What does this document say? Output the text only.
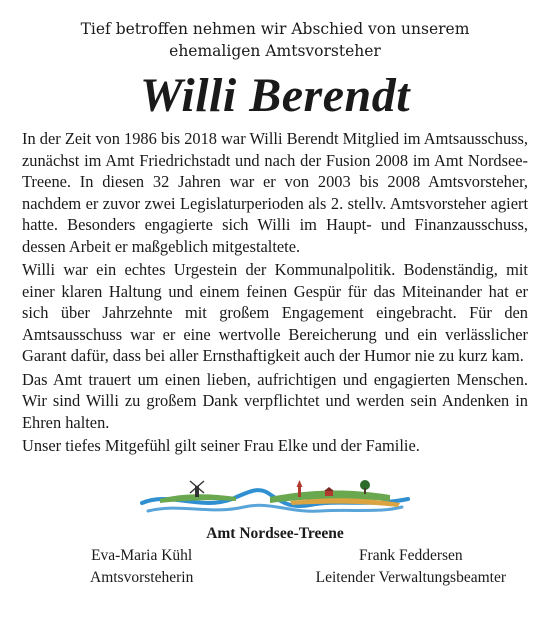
Tief betroffen nehmen wir Abschied von unserem
ehemaligen Amtsvorsteher

Willi Berendt

In der Zeit von 1986 bis 2018 war Willi Berendt Mitglied im Amtsausschuss, zunächst im Amt Friedrichstadt und nach der Fusion 2008 im Amt Nordsee-Treene. In diesen 32 Jahren war er von 2003 bis 2008 Amtsvorsteher, nachdem er zuvor zwei Legislaturperioden als 2. stellv. Amtsvorsteher agiert hatte. Besonders engagierte sich Willi im Haupt- und Finanzausschuss, dessen Arbeit er maßgeblich mitgestaltete.

Willi war ein echtes Urgestein der Kommunalpolitik. Bodenständig, mit einer klaren Haltung und einem feinen Gespür für das Miteinander hat er sich über Jahrzehnte mit großem Engagement eingebracht. Für den Amtsausschuss war er eine wertvolle Bereicherung und ein verlässlicher Garant dafür, dass bei aller Ernsthaftigkeit auch der Humor nie zu kurz kam.

Das Amt trauert um einen lieben, aufrichtigen und engagierten Menschen. Wir sind Willi zu großem Dank verpflichtet und werden sein Andenken in Ehren halten.

Unser tiefes Mitgefühl gilt seiner Frau Elke und der Familie.

Amt Nordsee-Treene
Eva-Maria Kühl
Amtsvorsteherin
Frank Feddersen
Leitender Verwaltungsbeamter
